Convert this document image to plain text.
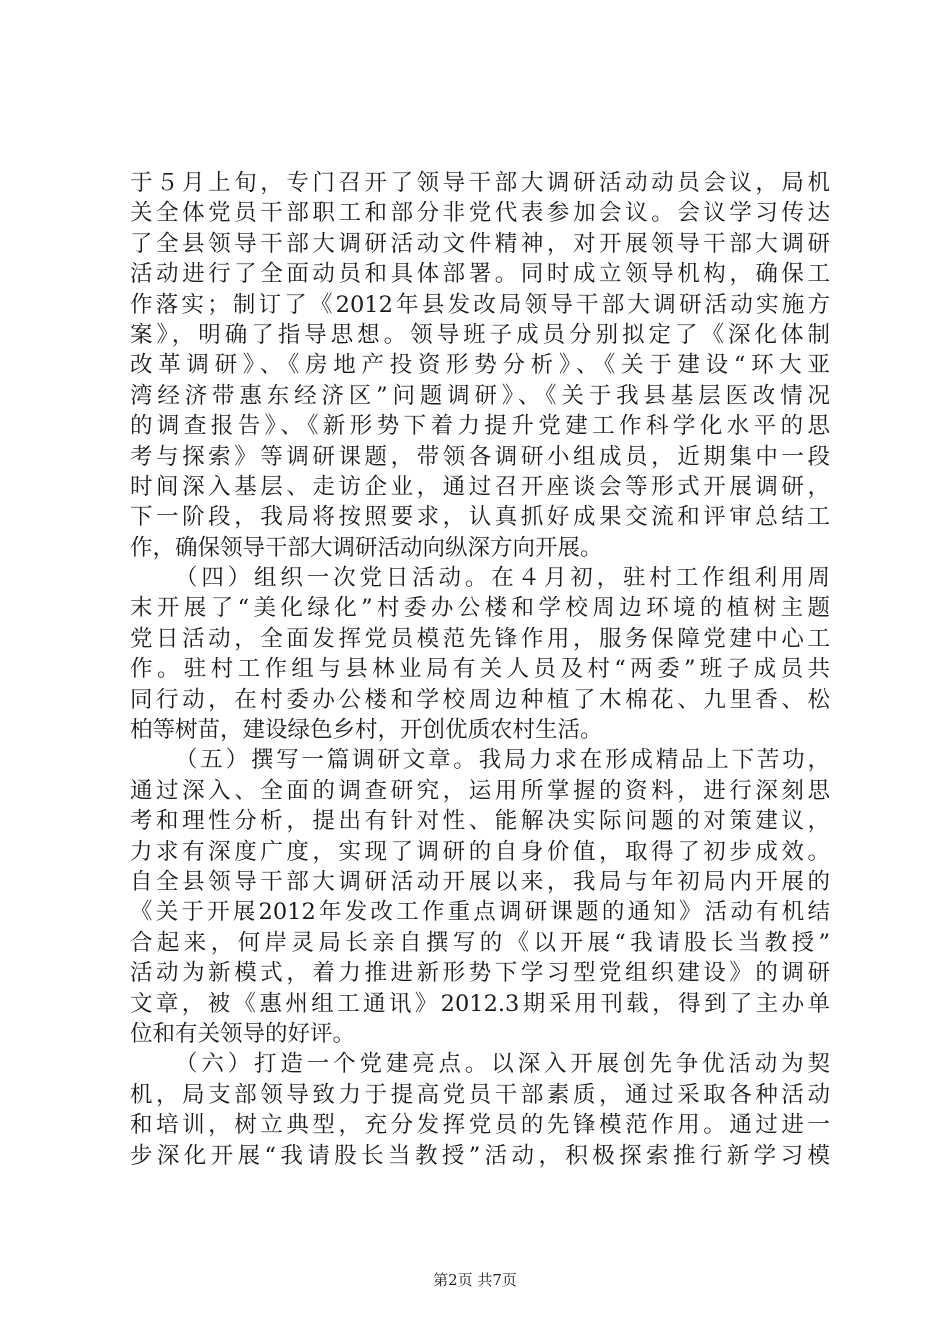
于５月上旬，专门召开了领导干部大调研活动动员会议，局机
关全体党员干部职工和部分非党代表参加会议。会议学习传达
了全县领导干部大调研活动文件精神，对开展领导干部大调研
活动进行了全面动员和具体部署。同时成立领导机构，确保工
作落实；制订了《2012年县发改局领导干部大调研活动实施方
案》，明确了指导思想。领导班子成员分别拟定了《深化体制
改革调研》、《房地产投资形势分析》、《关于建设“环大亚
湾经济带惠东经济区”问题调研》、《关于我县基层医改情况
的调查报告》、《新形势下着力提升党建工作科学化水平的思
考与探索》等调研课题，带领各调研小组成员，近期集中一段
时间深入基层、走访企业，通过召开座谈会等形式开展调研，
下一阶段，我局将按照要求，认真抓好成果交流和评审总结工
作，确保领导干部大调研活动向纵深方向开展。
（四）组织一次党日活动。在４月初，驻村工作组利用周
末开展了“美化绿化”村委办公楼和学校周边环境的植树主题
党日活动，全面发挥党员模范先锋作用，服务保障党建中心工
作。驻村工作组与县林业局有关人员及村“两委”班子成员共
同行动，在村委办公楼和学校周边种植了木棉花、九里香、松
柏等树苗，建设绿色乡村，开创优质农村生活。
（五）撰写一篇调研文章。我局力求在形成精品上下苦功，
通过深入、全面的调查研究，运用所掌握的资料，进行深刻思
考和理性分析，提出有针对性、能解决实际问题的对策建议，
力求有深度广度，实现了调研的自身价值，取得了初步成效。
自全县领导干部大调研活动开展以来，我局与年初局内开展的
《关于开展2012年发改工作重点调研课题的通知》活动有机结
合起来，何岸灵局长亲自撰写的《以开展“我请股长当教授”
活动为新模式，着力推进新形势下学习型党组织建设》的调研
文章，被《惠州组工通讯》2012.3期采用刊载，得到了主办单
位和有关领导的好评。
（六）打造一个党建亮点。以深入开展创先争优活动为契
机，局支部领导致力于提高党员干部素质，通过采取各种活动
和培训，树立典型，充分发挥党员的先锋模范作用。通过进一
步深化开展“我请股长当教授”活动，积极探索推行新学习模
第2页 共7页
